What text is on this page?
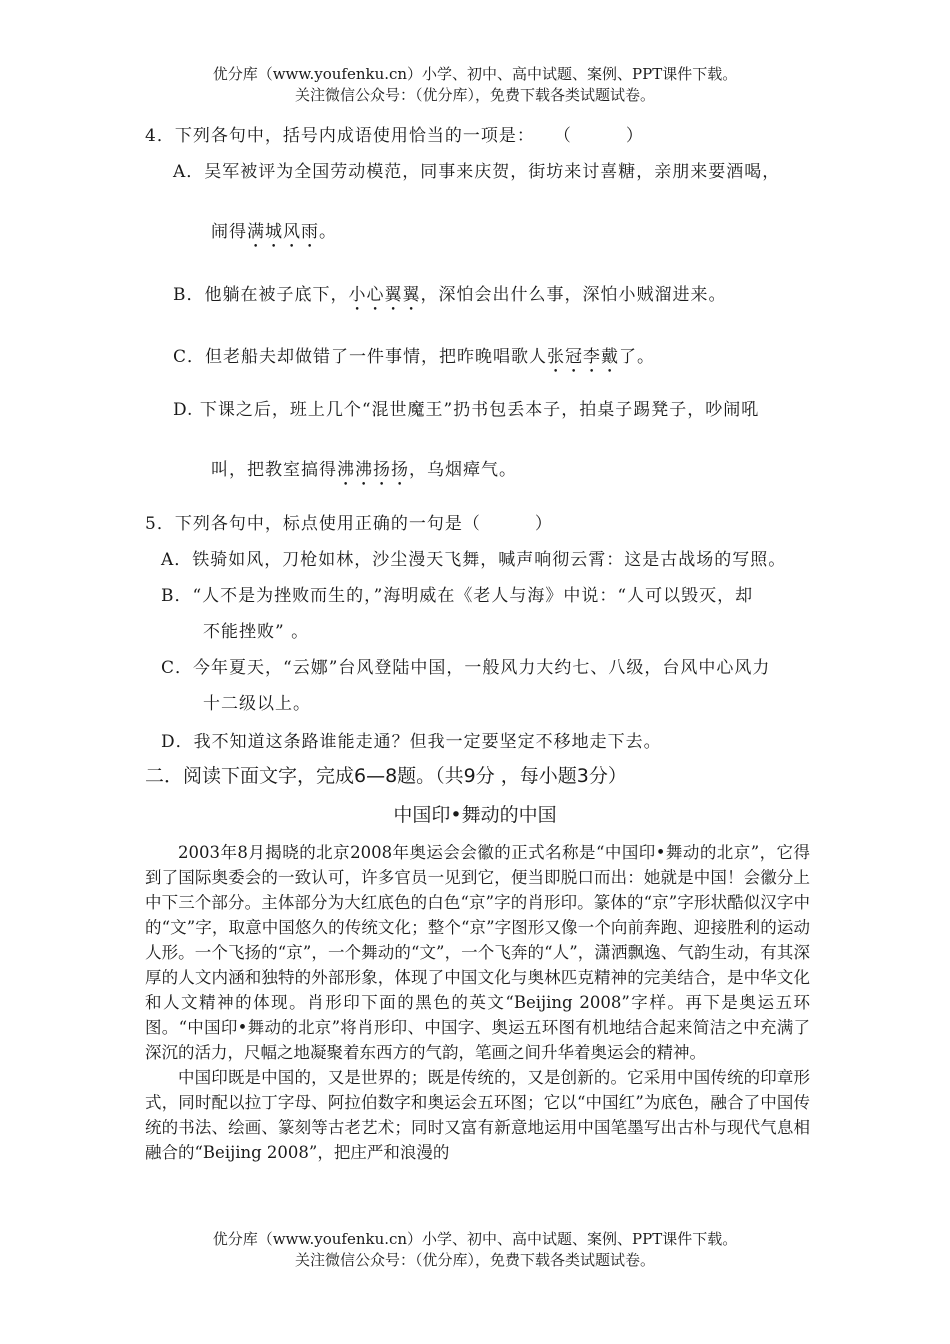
优分库（www.youfenku.cn）小学、初中、高中试题、案例、PPT课件下载。
关注微信公众号：（优分库），免费下载各类试题试卷。
4．下列各句中，括号内成语使用恰当的一项是：　　（　　　）
A．吴军被评为全国劳动模范，同事来庆贺，街坊来讨喜糖，亲朋来要酒喝，
闹得满城风雨。
B．他躺在被子底下，小心翼翼，深怕会出什么事，深怕小贼溜进来。
C．但老船夫却做错了一件事情，把昨晚唱歌人张冠李戴了。
D. 下课之后，班上几个“混世魔王”扔书包丢本子，拍桌子踢凳子，吵闹吼
叫，把教室搞得沸沸扬扬，乌烟瘴气。
5．下列各句中，标点使用正确的一句是（　　　）
A．铁骑如风，刀枪如林，沙尘漫天飞舞，喊声响彻云霄：这是古战场的写照。
B．“人不是为挫败而生的，”海明威在《老人与海》中说：“人可以毁灭，却
不能挫败” 。
C．今年夏天，“云娜”台风登陆中国，一般风力大约七、八级，台风中心风力
十二级以上。
D．我不知道这条路谁能走通？但我一定要坚定不移地走下去。
二．阅读下面文字，完成6—8题。（共9分 ，每小题3分）
中国印•舞动的中国

2003年8月揭晓的北京2008年奥运会会徽的正式名称是“中国印•舞动的北京”，它得到了国际奥委会的一致认可，许多官员一见到它，便当即脱口而出：她就是中国！会徽分上中下三个部分。主体部分为大红底色的白色“京”字的肖形印。篆体的“京”字形状酷似汉字中的“文”字，取意中国悠久的传统文化；整个“京”字图形又像一个向前奔跑、迎接胜利的运动人形。一个飞扬的“京”，一个舞动的“文”，一个飞奔的“人”，潇洒飘逸、气韵生动，有其深厚的人文内涵和独特的外部形象，体现了中国文化与奥林匹克精神的完美结合，是中华文化和人文精神的体现。肖形印下面的黑色的英文“Beijing 2008”字样。再下是奥运五环图。“中国印•舞动的北京”将肖形印、中国字、奥运五环图有机地结合起来简洁之中充满了深沉的活力，尺幅之地凝聚着东西方的气韵，笔画之间升华着奥运会的精神。

中国印既是中国的，又是世界的；既是传统的，又是创新的。它采用中国传统的印章形式，同时配以拉丁字母、阿拉伯数字和奥运会五环图；它以“中国红”为底色，融合了中国传统的书法、绘画、篆刻等古老艺术；同时又富有新意地运用中国笔墨写出古朴与现代气息相融合的“Beijing 2008”，把庄严和浪漫的

优分库（www.youfenku.cn）小学、初中、高中试题、案例、PPT课件下载。
关注微信公众号：（优分库），免费下载各类试题试卷。
